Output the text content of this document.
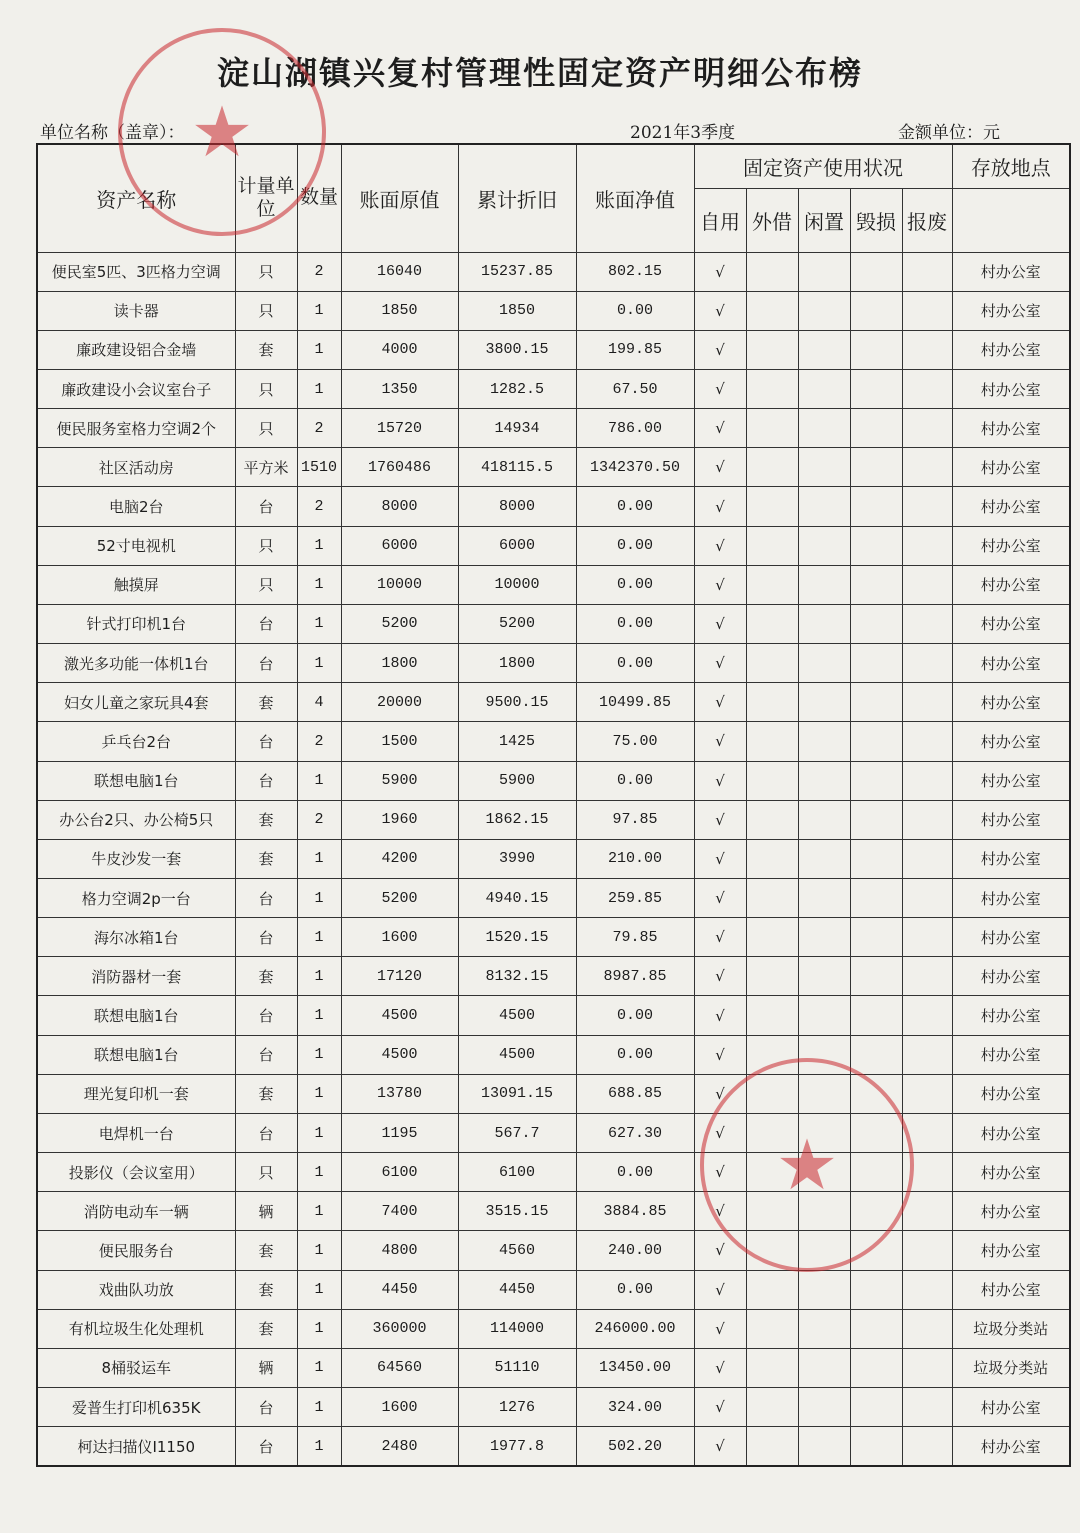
淀山湖镇兴复村管理性固定资产明细公布榜
单位名称（盖章）：	2021年3季度	金额单位：元
资产名称	计量单位	数量	账面原值	累计折旧	账面净值	固定资产使用状况					存放地点
						自用	外借	闲置	毁损	报废	
便民室5匹、3匹格力空调	只	2	16040	15237.85	802.15	√					村办公室
读卡器	只	1	1850	1850	0.00	√					村办公室
廉政建设铝合金墙	套	1	4000	3800.15	199.85	√					村办公室
廉政建设小会议室台子	只	1	1350	1282.5	67.50	√					村办公室
便民服务室格力空调2个	只	2	15720	14934	786.00	√					村办公室
社区活动房	平方米	1510	1760486	418115.5	1342370.50	√					村办公室
电脑2台	台	2	8000	8000	0.00	√					村办公室
52寸电视机	只	1	6000	6000	0.00	√					村办公室
触摸屏	只	1	10000	10000	0.00	√					村办公室
针式打印机1台	台	1	5200	5200	0.00	√					村办公室
激光多功能一体机1台	台	1	1800	1800	0.00	√					村办公室
妇女儿童之家玩具4套	套	4	20000	9500.15	10499.85	√					村办公室
乒乓台2台	台	2	1500	1425	75.00	√					村办公室
联想电脑1台	台	1	5900	5900	0.00	√					村办公室
办公台2只、办公椅5只	套	2	1960	1862.15	97.85	√					村办公室
牛皮沙发一套	套	1	4200	3990	210.00	√					村办公室
格力空调2p一台	台	1	5200	4940.15	259.85	√					村办公室
海尔冰箱1台	台	1	1600	1520.15	79.85	√					村办公室
消防器材一套	套	1	17120	8132.15	8987.85	√					村办公室
联想电脑1台	台	1	4500	4500	0.00	√					村办公室
联想电脑1台	台	1	4500	4500	0.00	√					村办公室
理光复印机一套	套	1	13780	13091.15	688.85	√					村办公室
电焊机一台	台	1	1195	567.7	627.30	√					村办公室
投影仪（会议室用）	只	1	6100	6100	0.00	√					村办公室
消防电动车一辆	辆	1	7400	3515.15	3884.85	√					村办公室
便民服务台	套	1	4800	4560	240.00	√					村办公室
戏曲队功放	套	1	4450	4450	0.00	√					村办公室
有机垃圾生化处理机	套	1	360000	114000	246000.00	√					垃圾分类站
8桶驳运车	辆	1	64560	51110	13450.00	√					垃圾分类站
爱普生打印机635K	台	1	1600	1276	324.00	√					村办公室
柯达扫描仪I1150	台	1	2480	1977.8	502.20	√					村办公室
★
★
